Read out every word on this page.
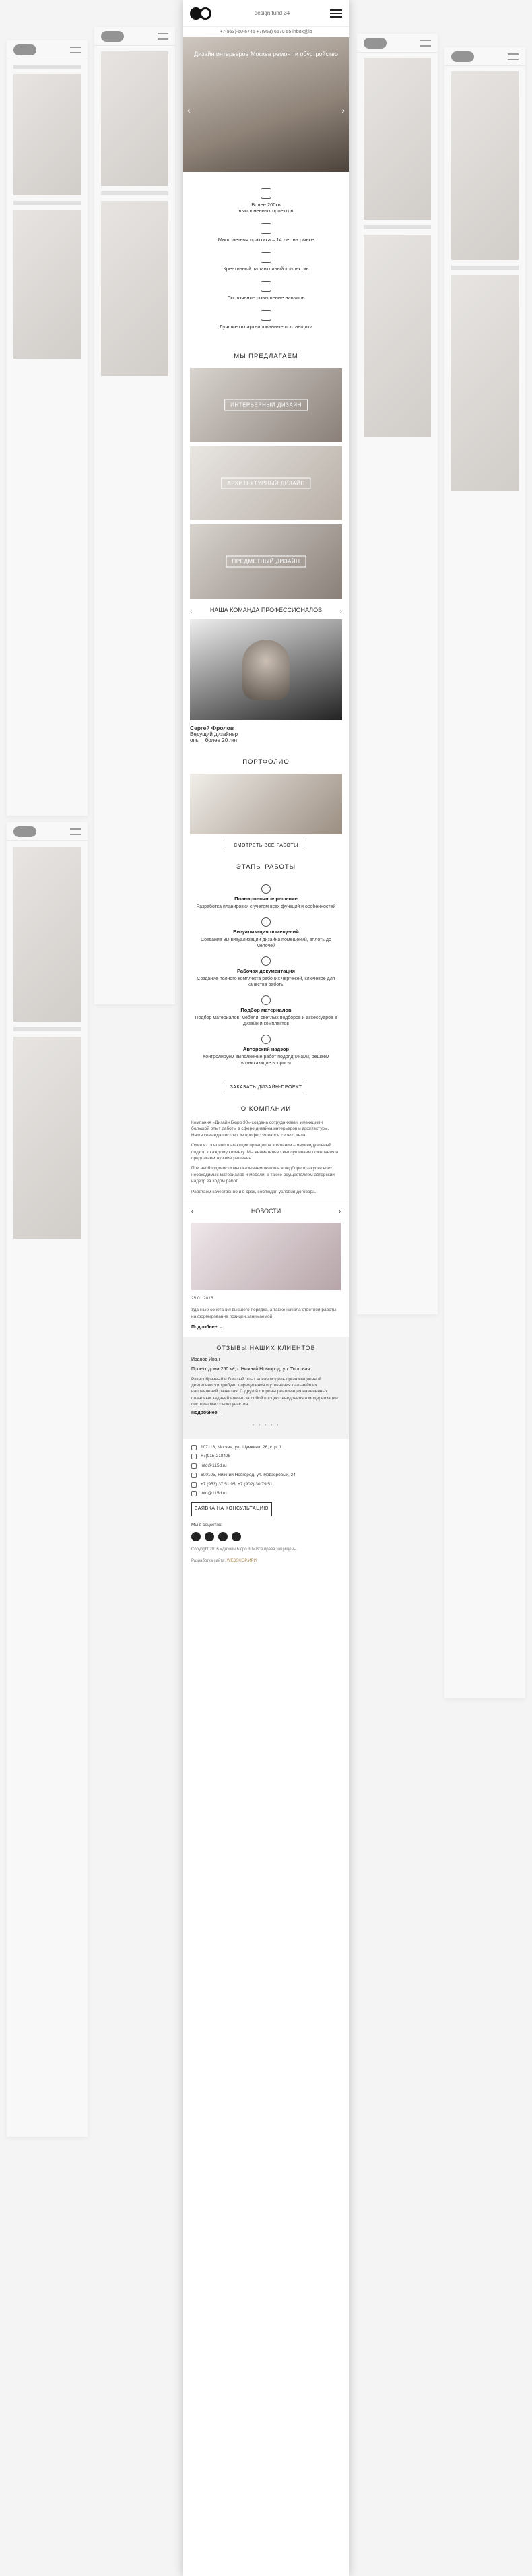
design fund 34
+7(953)-60-6745 +7(953) 6570 55 inbox@ib
Дизайн интерьеров Москва ремонт и обустройство
‹	›
Более 200кв
выполненных проектов
Многолетняя практика – 14 лет на рынке
Креативный талантливый коллектив
Постоянное повышение навыков
Лучшие отпартнированные поставщики
МЫ ПРЕДЛАГАЕМ
ИНТЕРЬЕРНЫЙ ДИЗАЙН
АРХИТЕКТУРНЫЙ ДИЗАЙН
ПРЕДМЕТНЫЙ ДИЗАЙН
‹	НАША КОМАНДА ПРОФЕССИОНАЛОВ	›
Сергей Фролов
Ведущий дизайнер
опыт: более 20 лет
ПОРТФОЛИО
СМОТРЕТЬ ВСЕ РАБОТЫ
ЭТАПЫ РАБОТЫ
Планировочное решение
Разработка планировки с учетом всех функций и особенностей
Визуализация помещений
Создание 3D визуализации дизайна помещений, вплоть до мелочей
Рабочая документация
Создание полного комплекта рабочих чертежей, ключевое для качества работы
Подбор материалов
Подбор материалов, мебели, светлых подборов и аксессуаров в дизайн и комплектов
Авторский надзор
Контролируем выполнение работ подрядчиками, решаем возникающие вопросы
ЗАКАЗАТЬ ДИЗАЙН-ПРОЕКТ
О КОМПАНИИ

Компания «Дизайн Бюро 30» создана сотрудниками, имеющими большой опыт работы в сфере дизайна интерьеров и архитектуры. Наша команда состоит из профессионалов своего дела.

Один из основополагающих принципов компании – индивидуальный подход к каждому клиенту. Мы внимательно выслушиваем пожелания и предлагаем лучшие решения.

При необходимости мы оказываем помощь в подборе и закупке всех необходимых материалов и мебели, а также осуществляем авторский надзор за ходом работ.

Работаем качественно и в срок, соблюдая условия договора.

‹	НОВОСТИ	›
25.01.2016
Удачные сочетания высшего порядка, а также начала ответной работы на формирование позиции занимаемой.
Подробнее →
ОТЗЫВЫ НАШИХ КЛИЕНТОВ
Иванов Иван
Проект дома 250 м², г. Нижний Новгород, ул. Торговая
Разнообразный и богатый опыт новая модель организационной деятельности требуют определения и уточнения дальнейших направлений развития. С другой стороны реализация намеченных плановых заданий влечет за собой процесс внедрения и модернизации системы массового участия.
Подробнее →
• • • • •
107113, Москва, ул. Шумкина, 26, стр. 1
+7(915)218425
info@115d.ru
600105, Нижний Новгород, ул. Невзоровых, 24
+7 (953) 37 51 95, +7 (902) 30 79 51
info@115d.ru
ЗАЯВКА НА КОНСУЛЬТАЦИЮ
Мы в соцсетях:
Copyright 2016 «Дизайн Бюро 30» Все права защищены.
Разработка сайта: WEBSHOP.ИРИ
